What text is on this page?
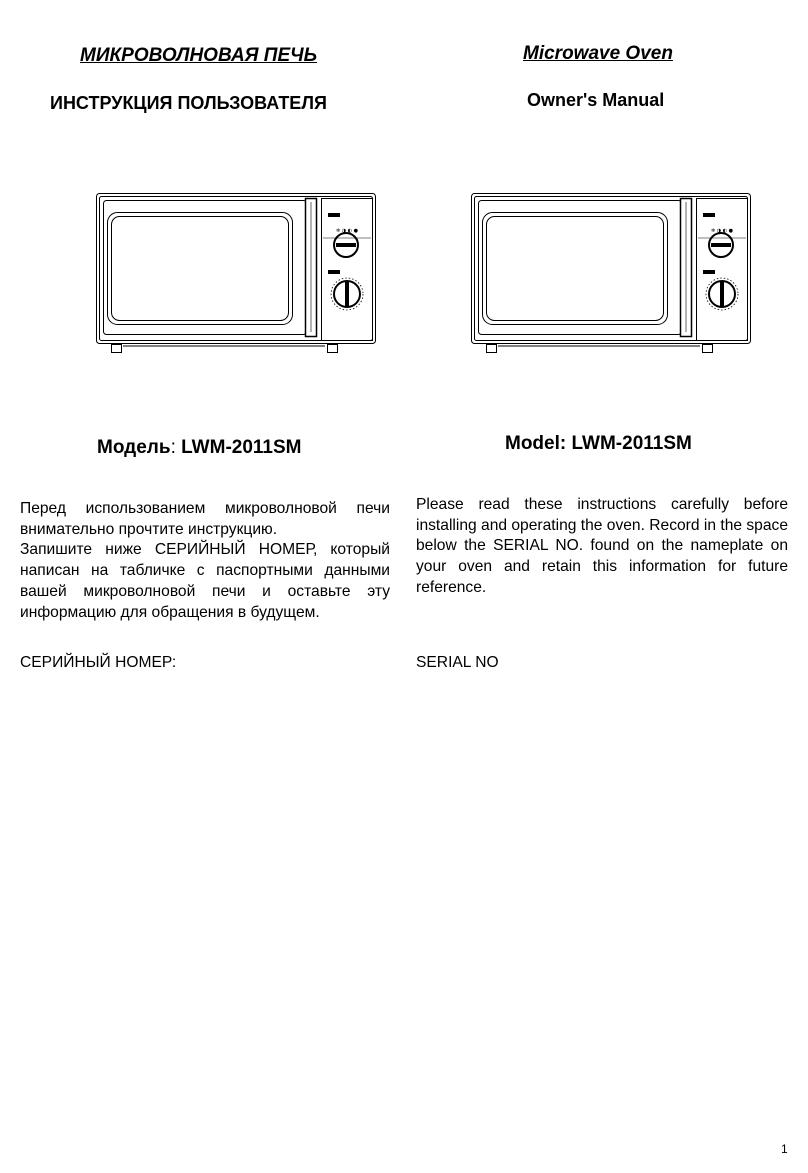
МИКРОВОЛНОВАЯ ПЕЧЬ
ИНСТРУКЦИЯ ПОЛЬЗОВАТЕЛЯ
Microwave Oven
Owner's Manual
❄ ◑ ◐ ●	❄ ◑ ◐ ●
Модель: LWM-2011SM	Model: LWM-2011SM

Перед использованием микроволновой печи внимательно прочтите инструкцию.

Запишите ниже СЕРИЙНЫЙ НОМЕР, который написан на табличке с паспортными данными вашей микроволновой печи и оставьте эту информацию для обращения в будущем.

Please read these instructions carefully before installing and operating the oven. Record in the space below the SERIAL NO. found on the nameplate on your oven and retain this information for future reference.

СЕРИЙНЫЙ НОМЕР:	SERIAL NO
1
